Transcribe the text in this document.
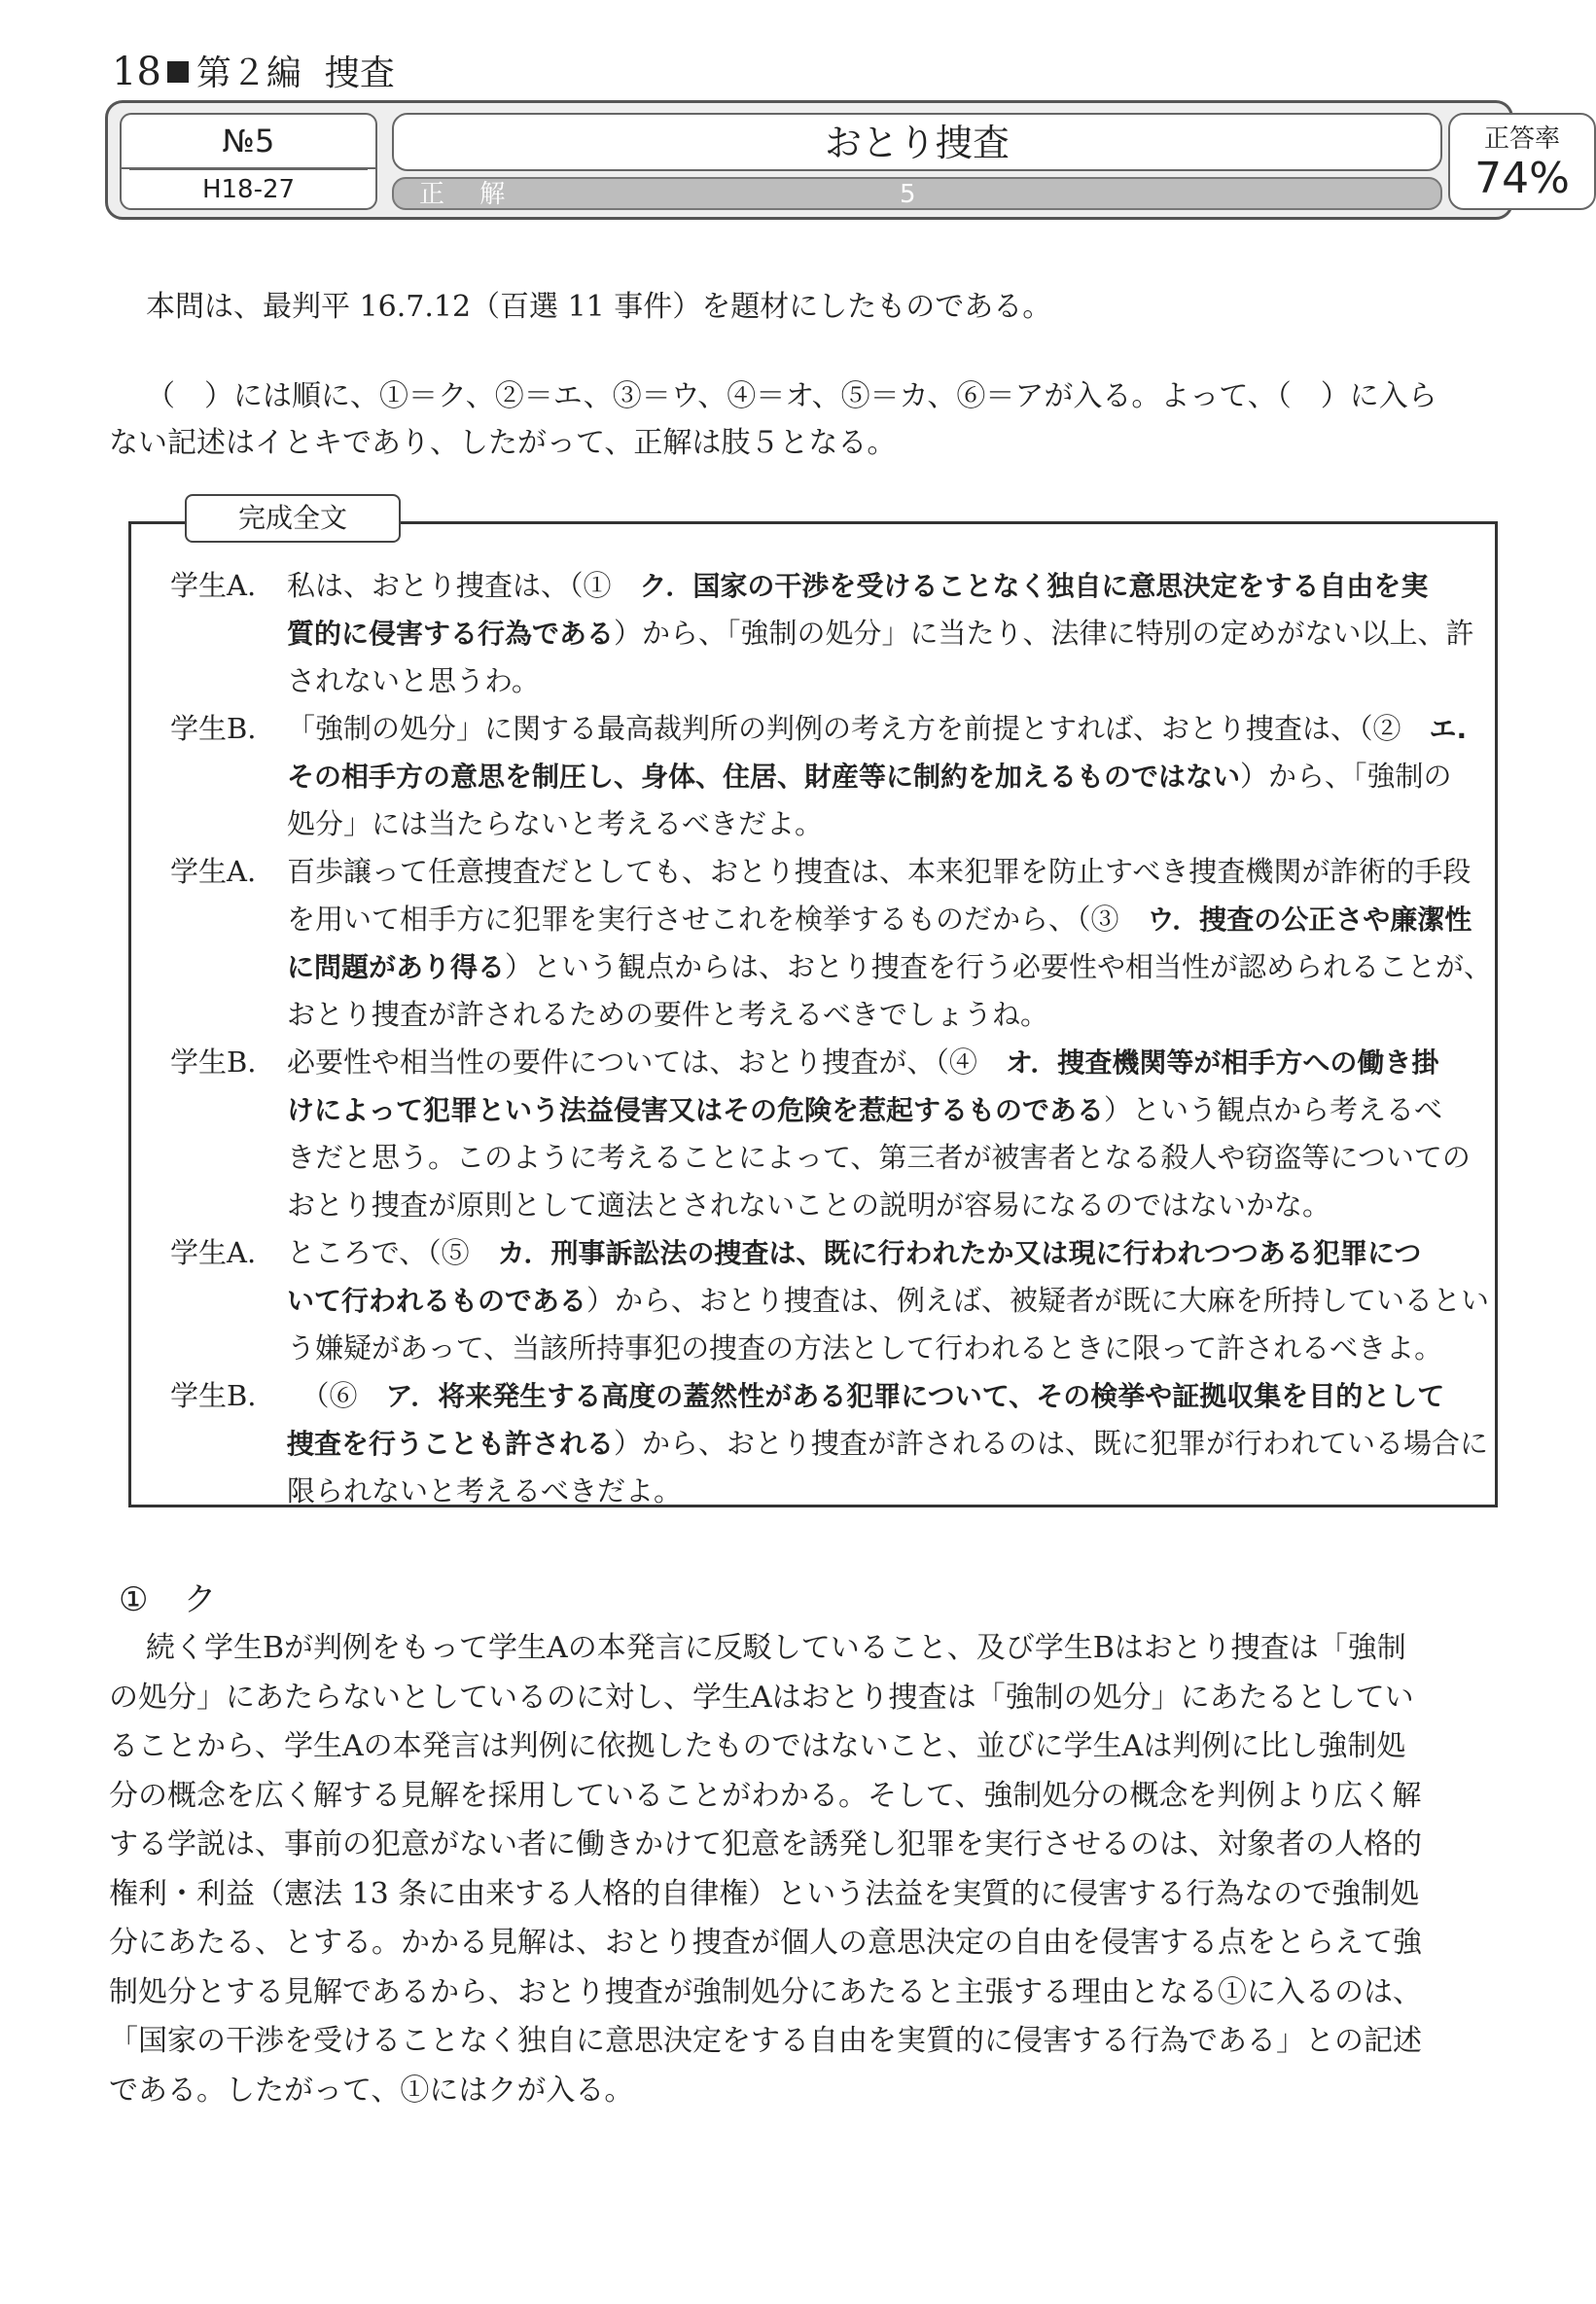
18 第２編 捜査
№5
H18-27
おとり捜査
正 解	5
正答率
74%

本問は、最判平 16.7.12（百選 11 事件）を題材にしたものである。

（　）には順に、①＝ク、②＝エ、③＝ウ、④＝オ、⑤＝カ、⑥＝アが入る。よって、（　）に入ら
ない記述はイとキであり、したがって、正解は肢５となる。

完成全文
学生A. 私は、おとり捜査は、（①　 ク．国家の干渉を受けることなく独自に意思決定をする自由を実
質的に侵害する行為である）から、「強制の処分」に当たり、法律に特別の定めがない以上、許
されないと思うわ。
学生B. 「強制の処分」に関する最高裁判所の判例の考え方を前提とすれば、おとり捜査は、（②　 エ.
その相手方の意思を制圧し、身体、住居、財産等に制約を加えるものではない）から、「強制の
処分」には当たらないと考えるべきだよ。
学生A. 百歩譲って任意捜査だとしても、おとり捜査は、本来犯罪を防止すべき捜査機関が詐術的手段
を用いて相手方に犯罪を実行させこれを検挙するものだから、（③　 ウ．捜査の公正さや廉潔性
に問題があり得る）という観点からは、おとり捜査を行う必要性や相当性が認められることが、
おとり捜査が許されるための要件と考えるべきでしょうね。
学生B. 必要性や相当性の要件については、おとり捜査が、（④　 オ．捜査機関等が相手方への働き掛
けによって犯罪という法益侵害又はその危険を惹起するものである）という観点から考えるべ
きだと思う。このように考えることによって、第三者が被害者となる殺人や窃盗等についての
おとり捜査が原則として適法とされないことの説明が容易になるのではないかな。
学生A. ところで、（⑤　 カ．刑事訴訟法の捜査は、既に行われたか又は現に行われつつある犯罪につ
いて行われるものである）から、おとり捜査は、例えば、被疑者が既に大麻を所持しているとい
う嫌疑があって、当該所持事犯の捜査の方法として行われるときに限って許されるべきよ。
学生B.
　	（⑥　 ア．将来発生する高度の蓋然性がある犯罪について、その検挙や証拠収集を目的として
捜査を行うことも許される）から、おとり捜査が許されるのは、既に犯罪が行われている場合に
限られないと考えるべきだよ。
① ク
続く学生Bが判例をもって学生Aの本発言に反駁していること、及び学生Bはおとり捜査は「強制
の処分」にあたらないとしているのに対し、学生Aはおとり捜査は「強制の処分」にあたるとしてい
ることから、学生Aの本発言は判例に依拠したものではないこと、並びに学生Aは判例に比し強制処
分の概念を広く解する見解を採用していることがわかる。そして、強制処分の概念を判例より広く解
する学説は、事前の犯意がない者に働きかけて犯意を誘発し犯罪を実行させるのは、対象者の人格的
権利・利益（憲法 13 条に由来する人格的自律権）という法益を実質的に侵害する行為なので強制処
分にあたる、とする。かかる見解は、おとり捜査が個人の意思決定の自由を侵害する点をとらえて強
制処分とする見解であるから、おとり捜査が強制処分にあたると主張する理由となる①に入るのは、
「国家の干渉を受けることなく独自に意思決定をする自由を実質的に侵害する行為である」との記述
である。したがって、①にはクが入る。
